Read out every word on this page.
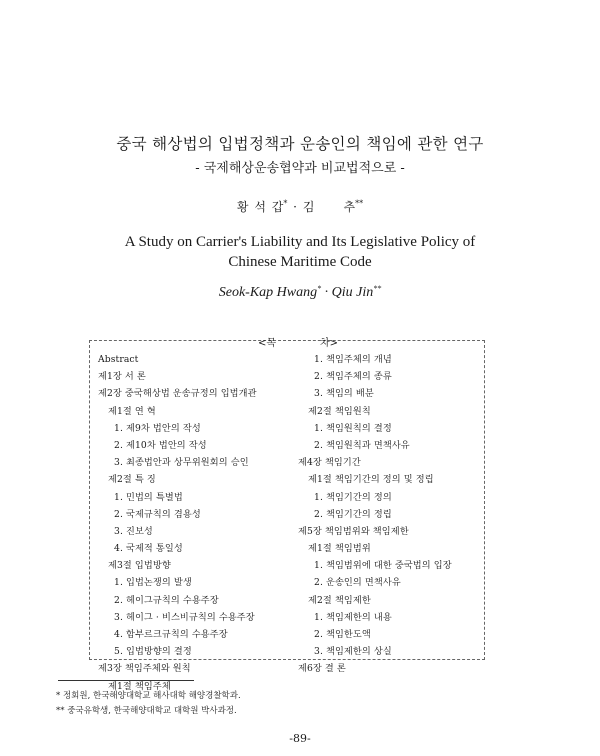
중국 해상법의 입법정책과 운송인의 책임에 관한 연구
- 국제해상운송협약과 비교법적으로 -
황 석 갑* · 김     추**
A Study on Carrier's Liability and Its Legislative Policy of
Chinese Maritime Code
Seok-Kap Hwang* · Qiu Jin**
<목	차>
Abstract
제1장 서 론
제2장 중국해상법 운송규정의 입법개관
제1절 연 혁
1. 제9차 법안의 작성
2. 제10차 법안의 작성
3. 최종법안과 상무위원회의 승인
제2절 특 징
1. 민법의 특별법
2. 국제규칙의 겸용성
3. 진보성
4. 국제적 통일성
제3절 입법방향
1. 입법논쟁의 발생
2. 헤이그규칙의 수용주장
3. 헤이그 · 비스비규칙의 수용주장
4. 함부르크규칙의 수용주장
5. 입법방향의 결정
제3장 책임주체와 원칙
제1절 책임주체
1. 책임주체의 개념
2. 책임주체의 종류
3. 책임의 배분
제2절 책임원칙
1. 책임원칙의 결정
2. 책임원칙과 면책사유
제4장 책임기간
제1절 책임기간의 정의 및 정립
1. 책임기간의 정의
2. 책임기간의 정립
제5장 책임범위와 책임제한
제1절 책임범위
1. 책임범위에 대한 중국법의 입장
2. 운송인의 면책사유
제2절 책임제한
1. 책임제한의 내용
2. 책임한도액
3. 책임제한의 상실
제6장 결 론
* 정회원, 한국해양대학교 해사대학 해양경찰학과.
** 중국유학생, 한국해양대학교 대학원 박사과정.
-89-
